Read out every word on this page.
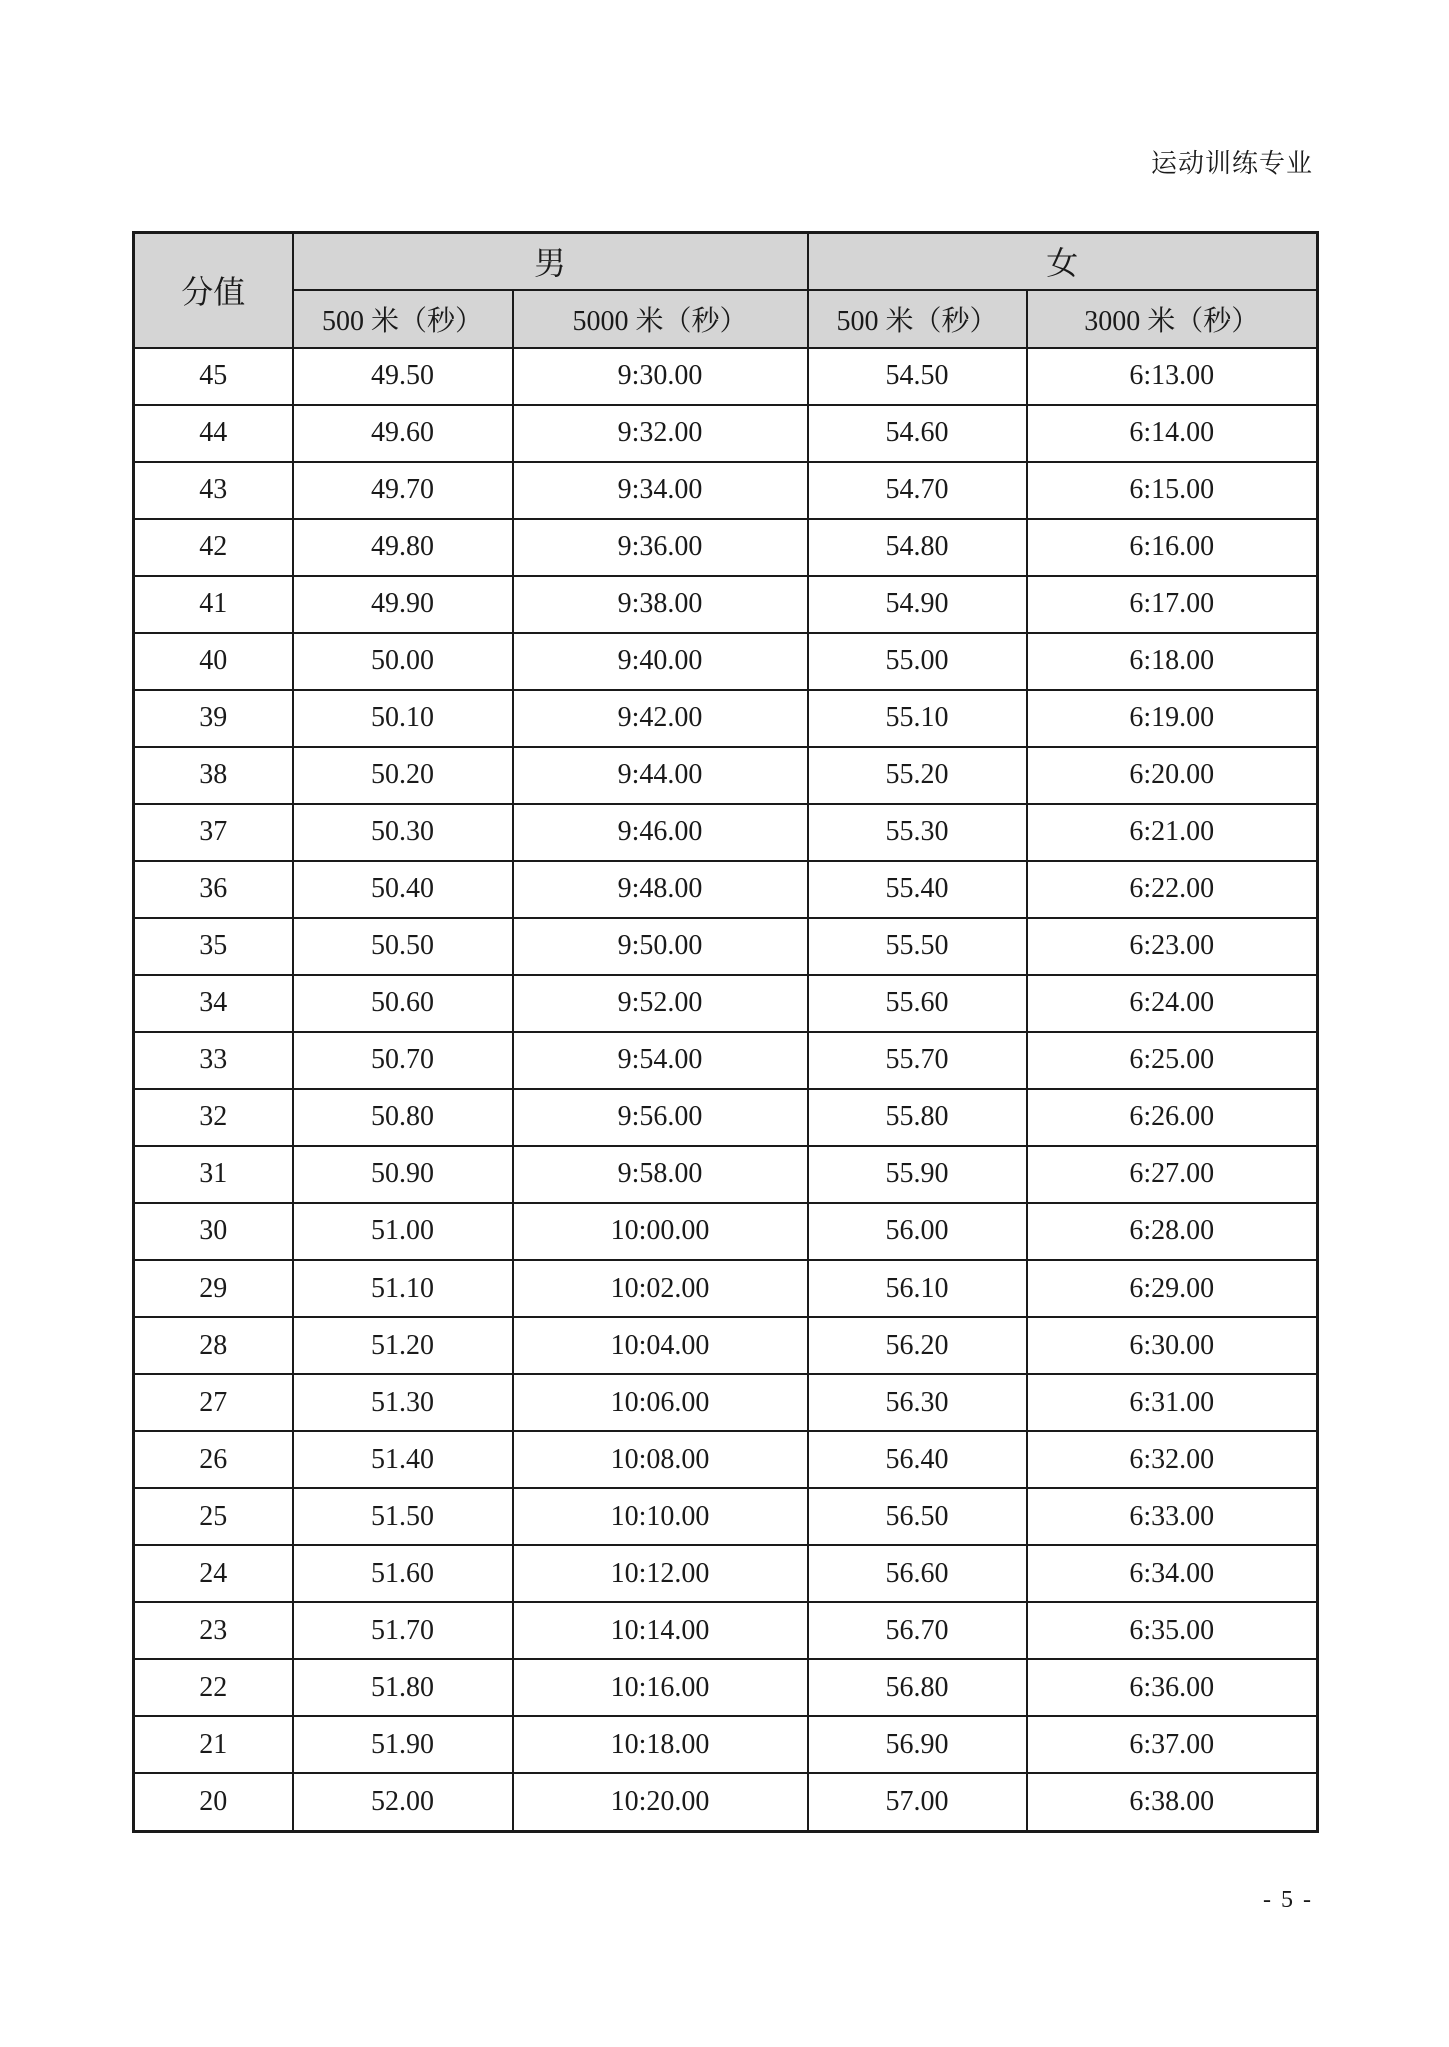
运动训练专业
分值	男		女	
	500 米（秒）	5000 米（秒）	500 米（秒）	3000 米（秒）
45	49.50	9:30.00	54.50	6:13.00
44	49.60	9:32.00	54.60	6:14.00
43	49.70	9:34.00	54.70	6:15.00
42	49.80	9:36.00	54.80	6:16.00
41	49.90	9:38.00	54.90	6:17.00
40	50.00	9:40.00	55.00	6:18.00
39	50.10	9:42.00	55.10	6:19.00
38	50.20	9:44.00	55.20	6:20.00
37	50.30	9:46.00	55.30	6:21.00
36	50.40	9:48.00	55.40	6:22.00
35	50.50	9:50.00	55.50	6:23.00
34	50.60	9:52.00	55.60	6:24.00
33	50.70	9:54.00	55.70	6:25.00
32	50.80	9:56.00	55.80	6:26.00
31	50.90	9:58.00	55.90	6:27.00
30	51.00	10:00.00	56.00	6:28.00
29	51.10	10:02.00	56.10	6:29.00
28	51.20	10:04.00	56.20	6:30.00
27	51.30	10:06.00	56.30	6:31.00
26	51.40	10:08.00	56.40	6:32.00
25	51.50	10:10.00	56.50	6:33.00
24	51.60	10:12.00	56.60	6:34.00
23	51.70	10:14.00	56.70	6:35.00
22	51.80	10:16.00	56.80	6:36.00
21	51.90	10:18.00	56.90	6:37.00
20	52.00	10:20.00	57.00	6:38.00
- 5 -
